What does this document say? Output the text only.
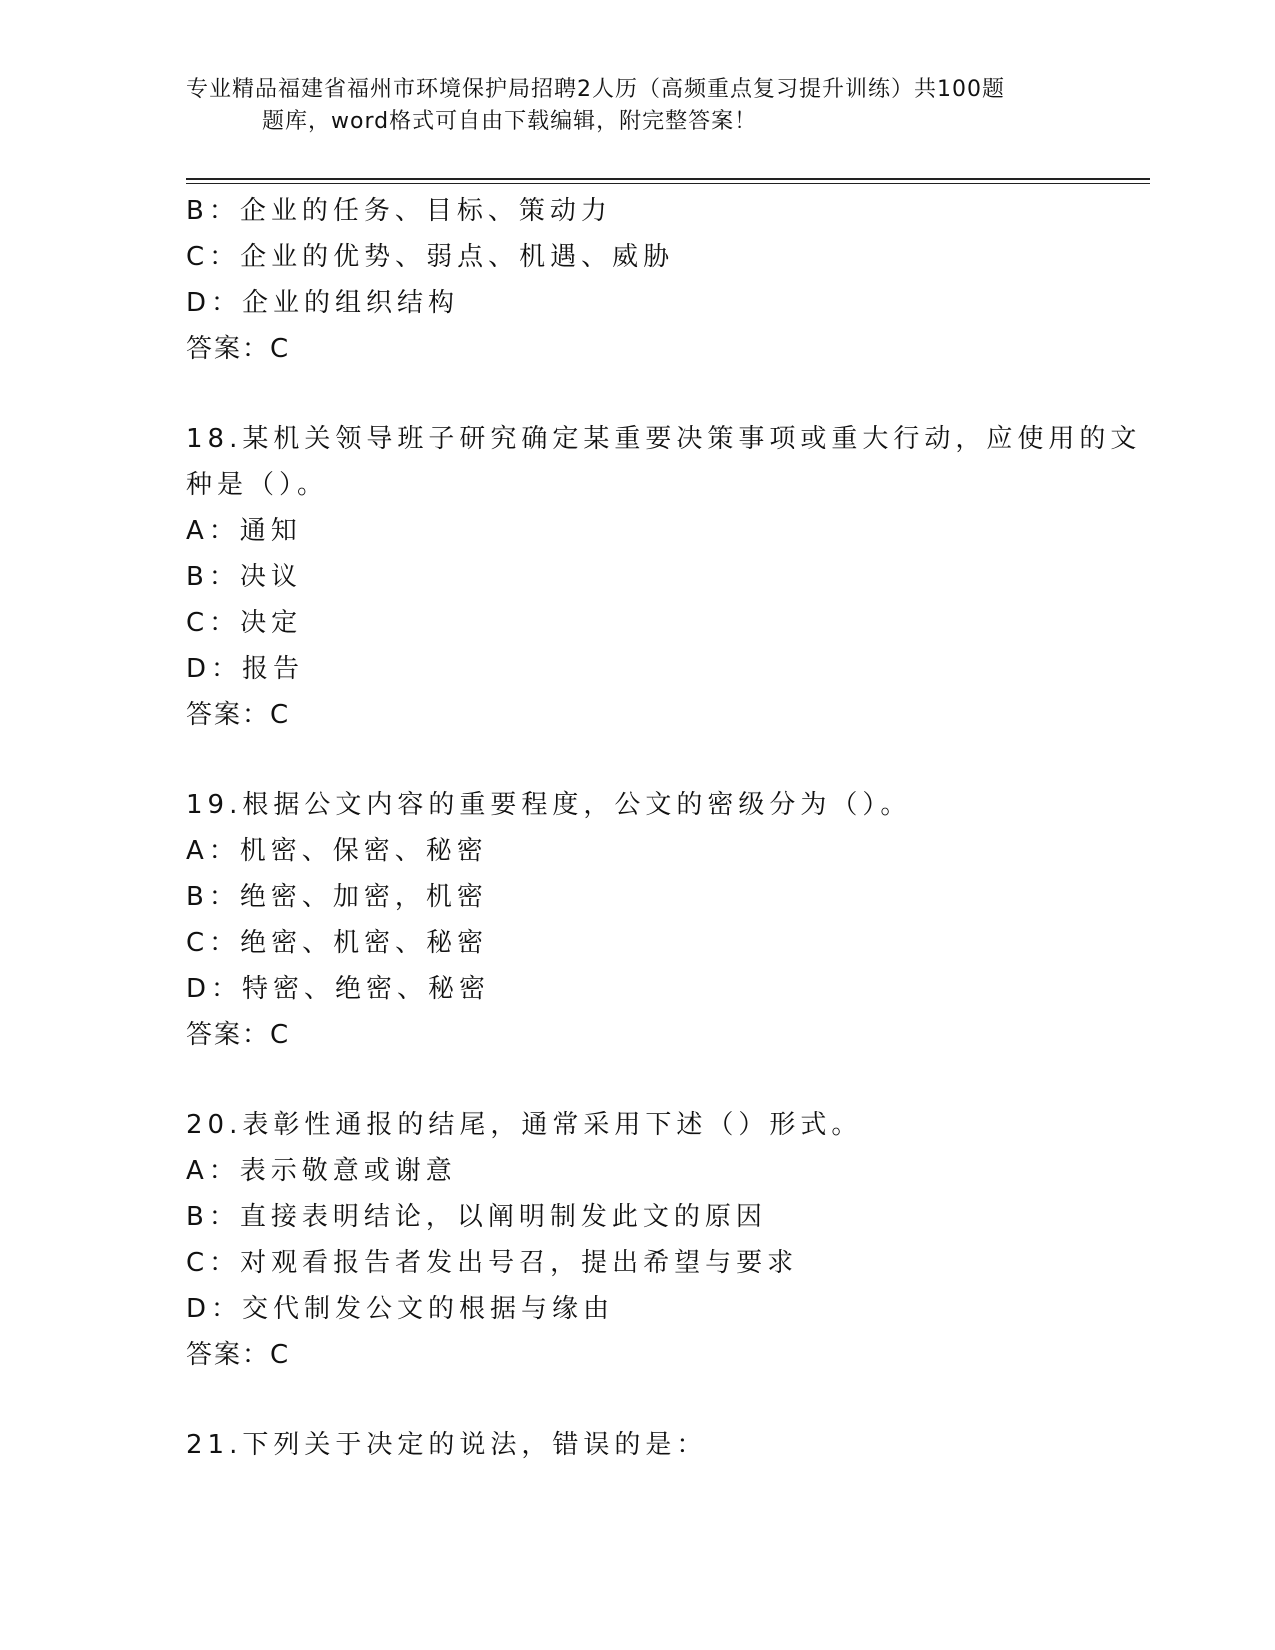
专业精品福建省福州市环境保护局招聘2人历（高频重点复习提升训练）共100题
题库，word格式可自由下载编辑，附完整答案！
B：企业的任务、目标、策动力
C：企业的优势、弱点、机遇、威胁
D：企业的组织结构
答案：C
18.某机关领导班子研究确定某重要决策事项或重大行动，应使用的文
种是（）。
A：通知
B：决议
C：决定
D：报告
答案：C
19.根据公文内容的重要程度，公文的密级分为（）。
A：机密、保密、秘密
B：绝密、加密，机密
C：绝密、机密、秘密
D：特密、绝密、秘密
答案：C
20.表彰性通报的结尾，通常采用下述（）形式。
A：表示敬意或谢意
B：直接表明结论，以阐明制发此文的原因
C：对观看报告者发出号召，提出希望与要求
D：交代制发公文的根据与缘由
答案：C
21.下列关于决定的说法，错误的是：
